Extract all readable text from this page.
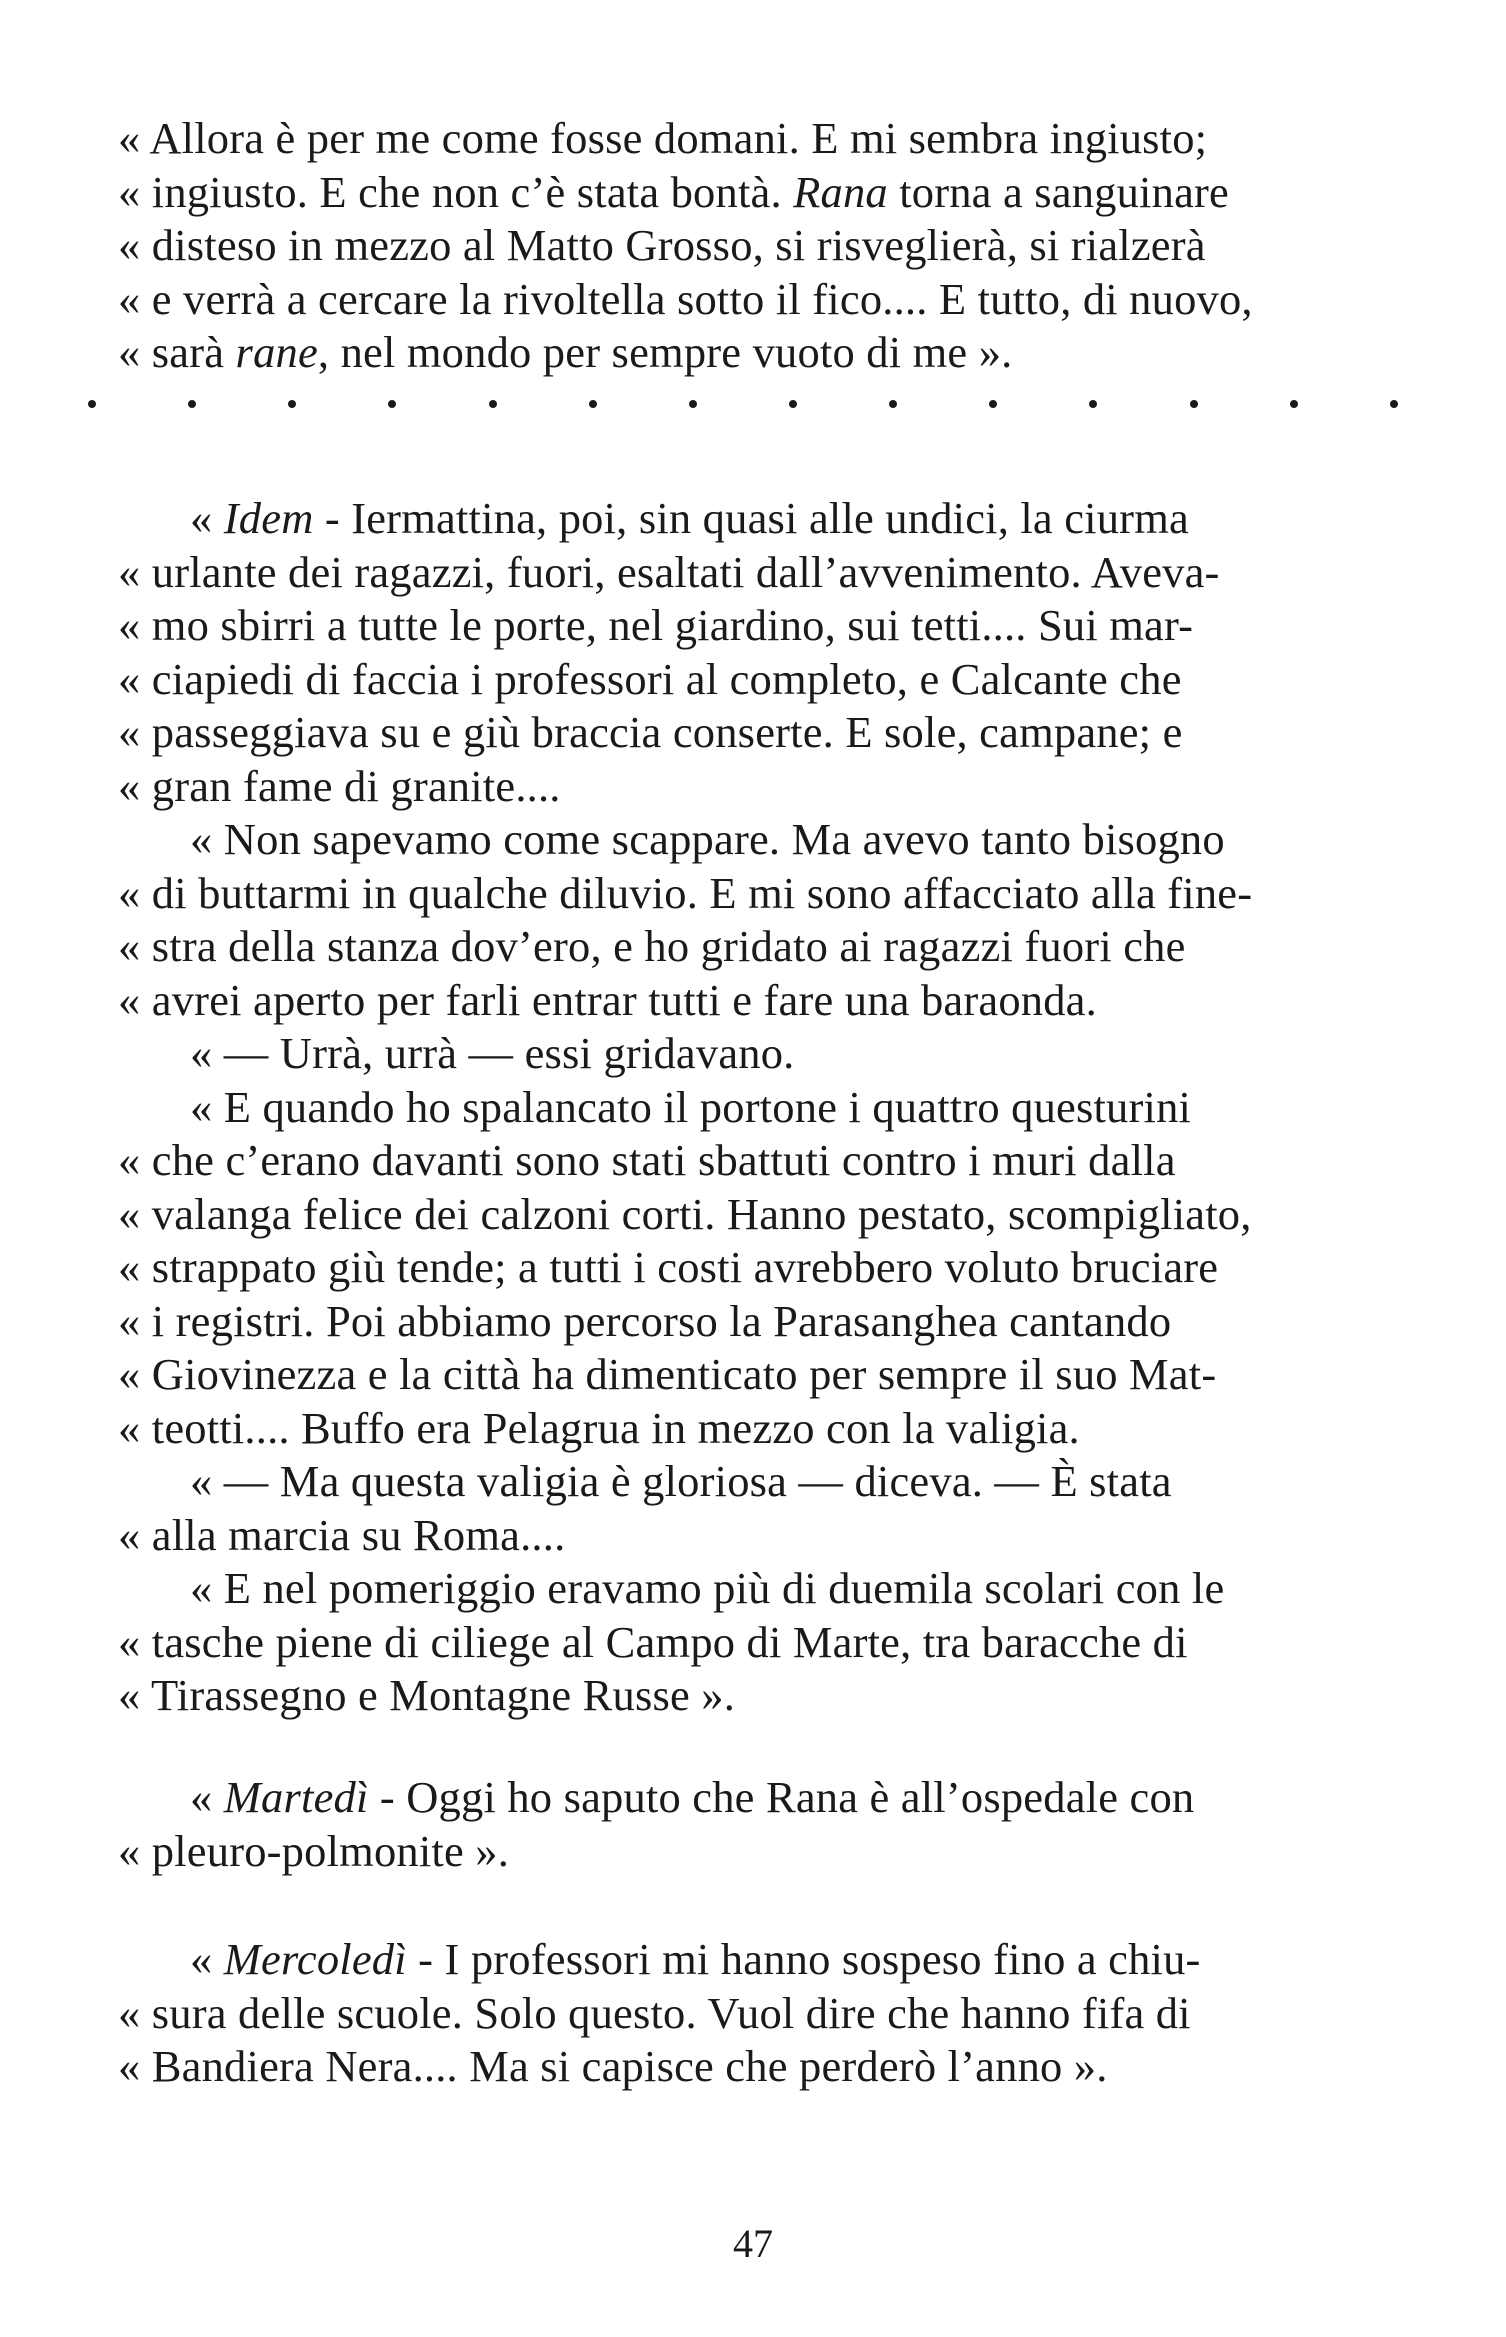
« Allora è per me come fosse domani. E mi sembra ingiusto;
« ingiusto. E che non c’è stata bontà. Rana torna a sanguinare
« disteso in mezzo al Matto Grosso, si risveglierà, si rialzerà
« e verrà a cercare la rivoltella sotto il fico.... E tutto, di nuovo,
« sarà rane, nel mondo per sempre vuoto di me ».
« Idem - Iermattina, poi, sin quasi alle undici, la ciurma
« urlante dei ragazzi, fuori, esaltati dall’avvenimento. Aveva-
« mo sbirri a tutte le porte, nel giardino, sui tetti.... Sui mar-
« ciapiedi di faccia i professori al completo, e Calcante che
« passeggiava su e giù braccia conserte. E sole, campane; e
« gran fame di granite....
« Non sapevamo come scappare. Ma avevo tanto bisogno
« di buttarmi in qualche diluvio. E mi sono affacciato alla fine-
« stra della stanza dov’ero, e ho gridato ai ragazzi fuori che
« avrei aperto per farli entrar tutti e fare una baraonda.
« — Urrà, urrà — essi gridavano.
« E quando ho spalancato il portone i quattro questurini
« che c’erano davanti sono stati sbattuti contro i muri dalla
« valanga felice dei calzoni corti. Hanno pestato, scompigliato,
« strappato giù tende; a tutti i costi avrebbero voluto bruciare
« i registri. Poi abbiamo percorso la Parasanghea cantando
« Giovinezza e la città ha dimenticato per sempre il suo Mat-
« teotti.... Buffo era Pelagrua in mezzo con la valigia.
« — Ma questa valigia è gloriosa — diceva. — È stata
« alla marcia su Roma....
« E nel pomeriggio eravamo più di duemila scolari con le
« tasche piene di ciliege al Campo di Marte, tra baracche di
« Tirassegno e Montagne Russe ».
« Martedì - Oggi ho saputo che Rana è all’ospedale con
« pleuro-polmonite ».
« Mercoledì - I professori mi hanno sospeso fino a chiu-
« sura delle scuole. Solo questo. Vuol dire che hanno fifa di
« Bandiera Nera.... Ma si capisce che perderò l’anno ».
47
